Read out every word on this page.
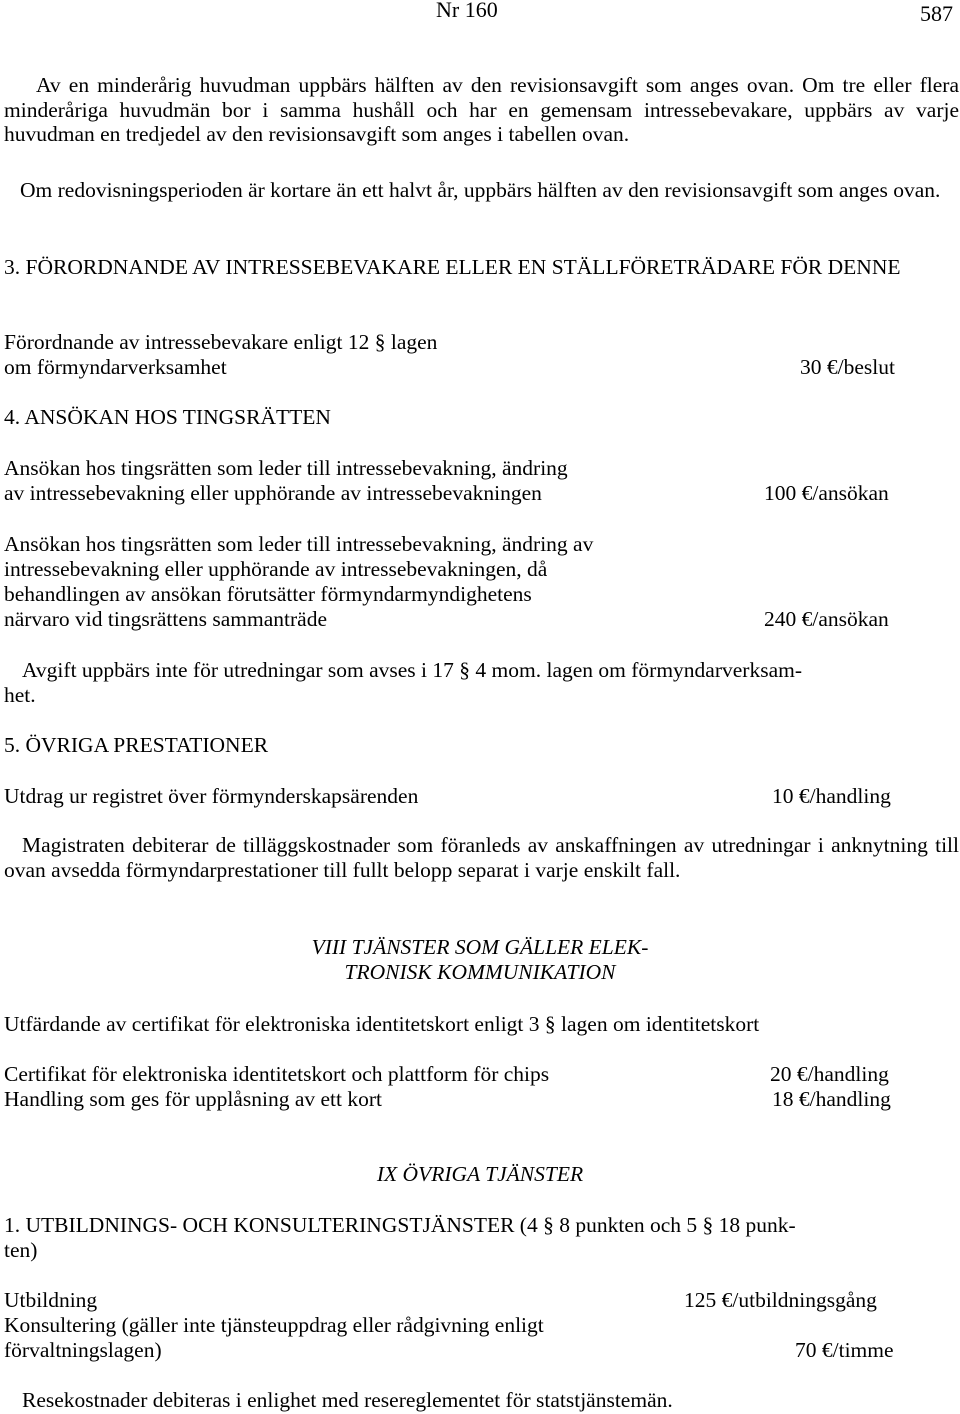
Nr 160	587
Av en minderårig huvudman uppbärs hälften av den revisionsavgift som anges ovan. Om tre eller flera minderåriga huvudmän bor i samma hushåll och har en gemensam intressebevakare, uppbärs av varje huvudman en tredjedel av den revisionsavgift som anges i tabellen ovan.
Om redovisningsperioden är kortare än ett halvt år, uppbärs hälften av den revisionsavgift som anges ovan.
3. FÖRORDNANDE AV INTRESSEBEVAKARE ELLER EN STÄLLFÖRETRÄDARE FÖR DENNE
Förordnande av intressebevakare enligt 12 § lagen
om förmyndarverksamhet	30 €/beslut
4. ANSÖKAN HOS TINGSRÄTTEN
Ansökan hos tingsrätten som leder till intressebevakning, ändring
av intressebevakning eller upphörande av intressebevakningen	100 €/ansökan
Ansökan hos tingsrätten som leder till intressebevakning, ändring av
intressebevakning eller upphörande av intressebevakningen, då
behandlingen av ansökan förutsätter förmyndarmyndighetens
närvaro vid tingsrättens sammanträde	240 €/ansökan
Avgift uppbärs inte för utredningar som avses i 17 § 4 mom. lagen om förmyndarverksam-
het.
5. ÖVRIGA PRESTATIONER
Utdrag ur registret över förmynderskapsärenden	10 €/handling
Magistraten debiterar de tilläggskostnader som föranleds av anskaffningen av utredningar i anknytning till ovan avsedda förmyndarprestationer till fullt belopp separat i varje enskilt fall.
VIII TJÄNSTER SOM GÄLLER ELEK-
TRONISK KOMMUNIKATION
Utfärdande av certifikat för elektroniska identitetskort enligt 3 § lagen om identitetskort
Certifikat för elektroniska identitetskort och plattform för chips	20 €/handling
Handling som ges för upplåsning av ett kort	18 €/handling
IX ÖVRIGA TJÄNSTER
1. UTBILDNINGS- OCH KONSULTERINGSTJÄNSTER (4 § 8 punkten och 5 § 18 punk-
ten)
Utbildning	125 €/utbildningsgång
Konsultering (gäller inte tjänsteuppdrag eller rådgivning enligt
förvaltningslagen)	70 €/timme
Resekostnader debiteras i enlighet med resereglementet för statstjänstemän.
